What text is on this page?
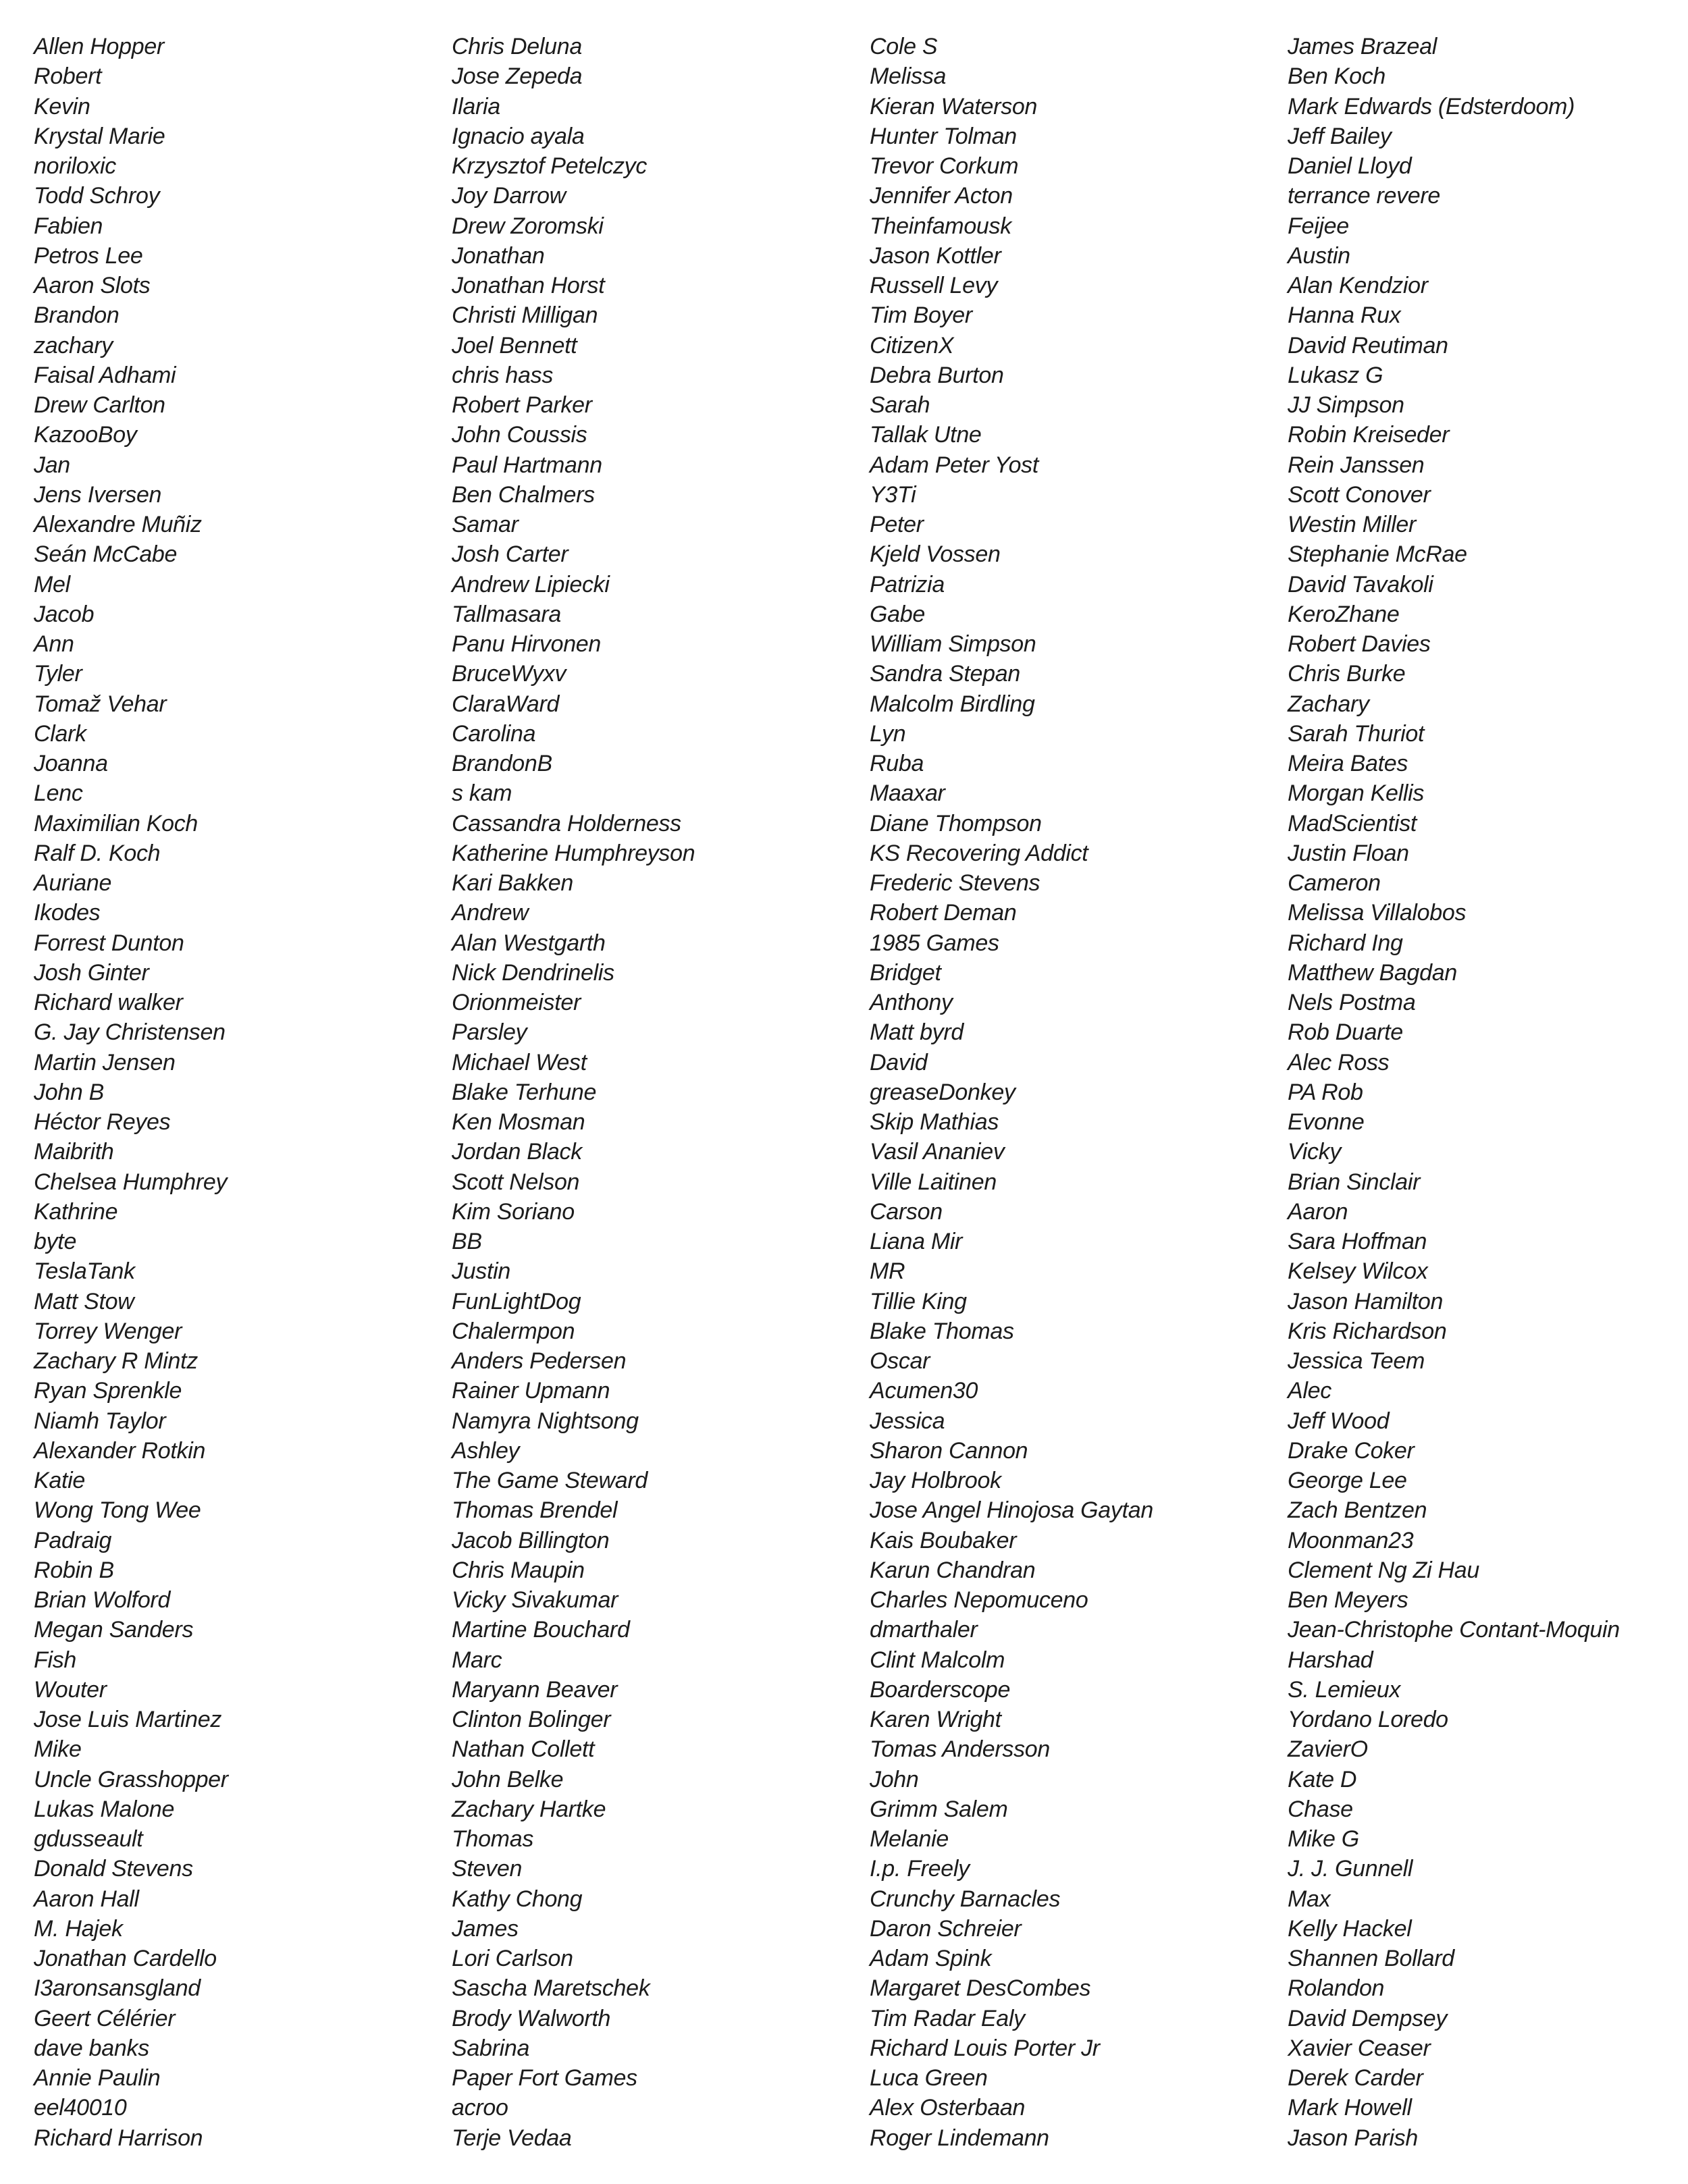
Allen Hopper
Robert
Kevin
Krystal Marie
noriloxic
Todd Schroy
Fabien
Petros Lee
Aaron Slots
Brandon
zachary
Faisal Adhami
Drew Carlton
KazooBoy
Jan
Jens Iversen
Alexandre Muñiz
Seán McCabe
Mel
Jacob
Ann
Tyler
Tomaž Vehar
Clark
Joanna
Lenc
Maximilian Koch
Ralf D. Koch
Auriane
Ikodes
Forrest Dunton
Josh Ginter
Richard walker
G. Jay Christensen
Martin Jensen
John B
Héctor Reyes
Maibrith
Chelsea Humphrey
Kathrine
byte
TeslaTank
Matt Stow
Torrey Wenger
Zachary R Mintz
Ryan Sprenkle
Niamh Taylor
Alexander Rotkin
Katie
Wong Tong Wee
Padraig
Robin B
Brian Wolford
Megan Sanders
Fish
Wouter
Jose Luis Martinez
Mike
Uncle Grasshopper
Lukas Malone
gdusseault
Donald Stevens
Aaron Hall
M. Hajek
Jonathan Cardello
I3aronsansgland
Geert Célérier
dave banks
Annie Paulin
eel40010
Richard Harrison
Chris Deluna
Jose Zepeda
Ilaria
Ignacio ayala
Krzysztof Petelczyc
Joy Darrow
Drew Zoromski
Jonathan
Jonathan Horst
Christi Milligan
Joel Bennett
chris hass
Robert Parker
John Coussis
Paul Hartmann
Ben Chalmers
Samar
Josh Carter
Andrew Lipiecki
Tallmasara
Panu Hirvonen
BruceWyxv
ClaraWard
Carolina
BrandonB
s kam
Cassandra Holderness
Katherine Humphreyson
Kari Bakken
Andrew
Alan Westgarth
Nick Dendrinelis
Orionmeister
Parsley
Michael West
Blake Terhune
Ken Mosman
Jordan Black
Scott Nelson
Kim Soriano
BB
Justin
FunLightDog
Chalermpon
Anders Pedersen
Rainer Upmann
Namyra Nightsong
Ashley
The Game Steward
Thomas Brendel
Jacob Billington
Chris Maupin
Vicky Sivakumar
Martine Bouchard
Marc
Maryann Beaver
Clinton Bolinger
Nathan Collett
John Belke
Zachary Hartke
Thomas
Steven
Kathy Chong
James
Lori Carlson
Sascha Maretschek
Brody Walworth
Sabrina
Paper Fort Games
acroo
Terje Vedaa
Cole S
Melissa
Kieran Waterson
Hunter Tolman
Trevor Corkum
Jennifer Acton
Theinfamousk
Jason Kottler
Russell Levy
Tim Boyer
CitizenX
Debra Burton
Sarah
Tallak Utne
Adam Peter Yost
Y3Ti
Peter
Kjeld Vossen
Patrizia
Gabe
William Simpson
Sandra Stepan
Malcolm Birdling
Lyn
Ruba
Maaxar
Diane Thompson
KS Recovering Addict
Frederic Stevens
Robert Deman
1985 Games
Bridget
Anthony
Matt byrd
David
greaseDonkey
Skip Mathias
Vasil Ananiev
Ville Laitinen
Carson
Liana Mir
MR
Tillie King
Blake Thomas
Oscar
Acumen30
Jessica
Sharon Cannon
Jay Holbrook
Jose Angel Hinojosa Gaytan
Kais Boubaker
Karun Chandran
Charles Nepomuceno
dmarthaler
Clint Malcolm
Boarderscope
Karen Wright
Tomas Andersson
John
Grimm Salem
Melanie
I.p. Freely
Crunchy Barnacles
Daron Schreier
Adam Spink
Margaret DesCombes
Tim Radar Ealy
Richard Louis Porter Jr
Luca Green
Alex Osterbaan
Roger Lindemann
James Brazeal
Ben Koch
Mark Edwards (Edsterdoom)
Jeff Bailey
Daniel Lloyd
terrance revere
Feijee
Austin
Alan Kendzior
Hanna Rux
David Reutiman
Lukasz G
JJ Simpson
Robin Kreiseder
Rein Janssen
Scott Conover
Westin Miller
Stephanie McRae
David Tavakoli
KeroZhane
Robert Davies
Chris Burke
Zachary
Sarah Thuriot
Meira Bates
Morgan Kellis
MadScientist
Justin Floan
Cameron
Melissa Villalobos
Richard Ing
Matthew Bagdan
Nels Postma
Rob Duarte
Alec Ross
PA Rob
Evonne
Vicky
Brian Sinclair
Aaron
Sara Hoffman
Kelsey Wilcox
Jason Hamilton
Kris Richardson
Jessica Teem
Alec
Jeff Wood
Drake Coker
George Lee
Zach Bentzen
Moonman23
Clement Ng Zi Hau
Ben Meyers
Jean-Christophe Contant-Moquin
Harshad
S. Lemieux
Yordano Loredo
ZavierO
Kate D
Chase
Mike G
J. J. Gunnell
Max
Kelly Hackel
Shannen Bollard
Rolandon
David Dempsey
Xavier Ceaser
Derek Carder
Mark Howell
Jason Parish
